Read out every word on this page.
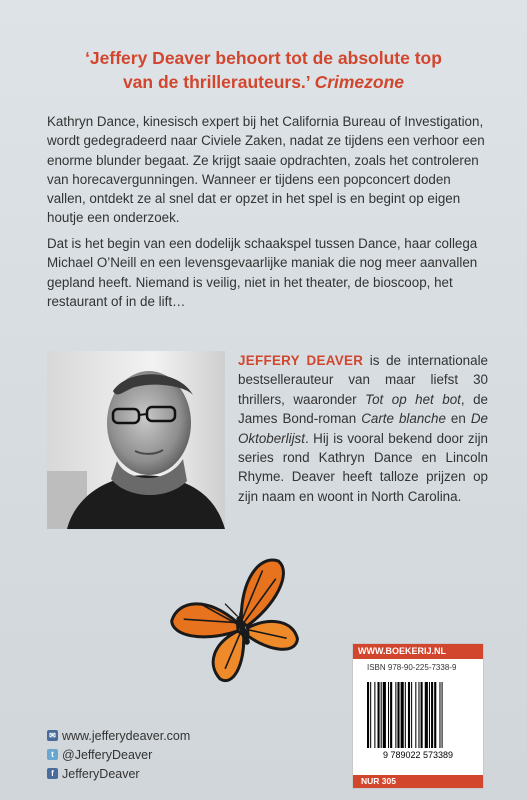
‘Jeffery Deaver behoort tot de absolute top
van de thrillerauteurs.’ Crimezone
Kathryn Dance, kinesisch expert bij het California Bureau of Investigation, wordt gedegradeerd naar Civiele Zaken, nadat ze tijdens een verhoor een enorme blunder begaat. Ze krijgt saaie opdrachten, zoals het controleren van horecavergunningen. Wanneer er tijdens een popconcert doden vallen, ontdekt ze al snel dat er opzet in het spel is en begint op eigen houtje een onderzoek.
Dat is het begin van een dodelijk schaakspel tussen Dance, haar collega Michael O’Neill en een levensgevaarlijke maniak die nog meer aanvallen gepland heeft. Niemand is veilig, niet in het theater, de bioscoop, het restaurant of in de lift…
JEFFERY DEAVER is de internationale bestsellerauteur van maar liefst 30 thrillers, waaronder Tot op het bot, de James Bond-roman Carte blanche en De Oktoberlijst. Hij is vooral bekend door zijn series rond Kathryn Dance en Lincoln Rhyme. Deaver heeft talloze prijzen op zijn naam en woont in North Carolina.
✉ www.jefferydeaver.com
t @JefferyDeaver
f JefferyDeaver
WWW.BOEKERIJ.NL
ISBN 978-90-225-7338-9
9 789022 573389
NUR 305
